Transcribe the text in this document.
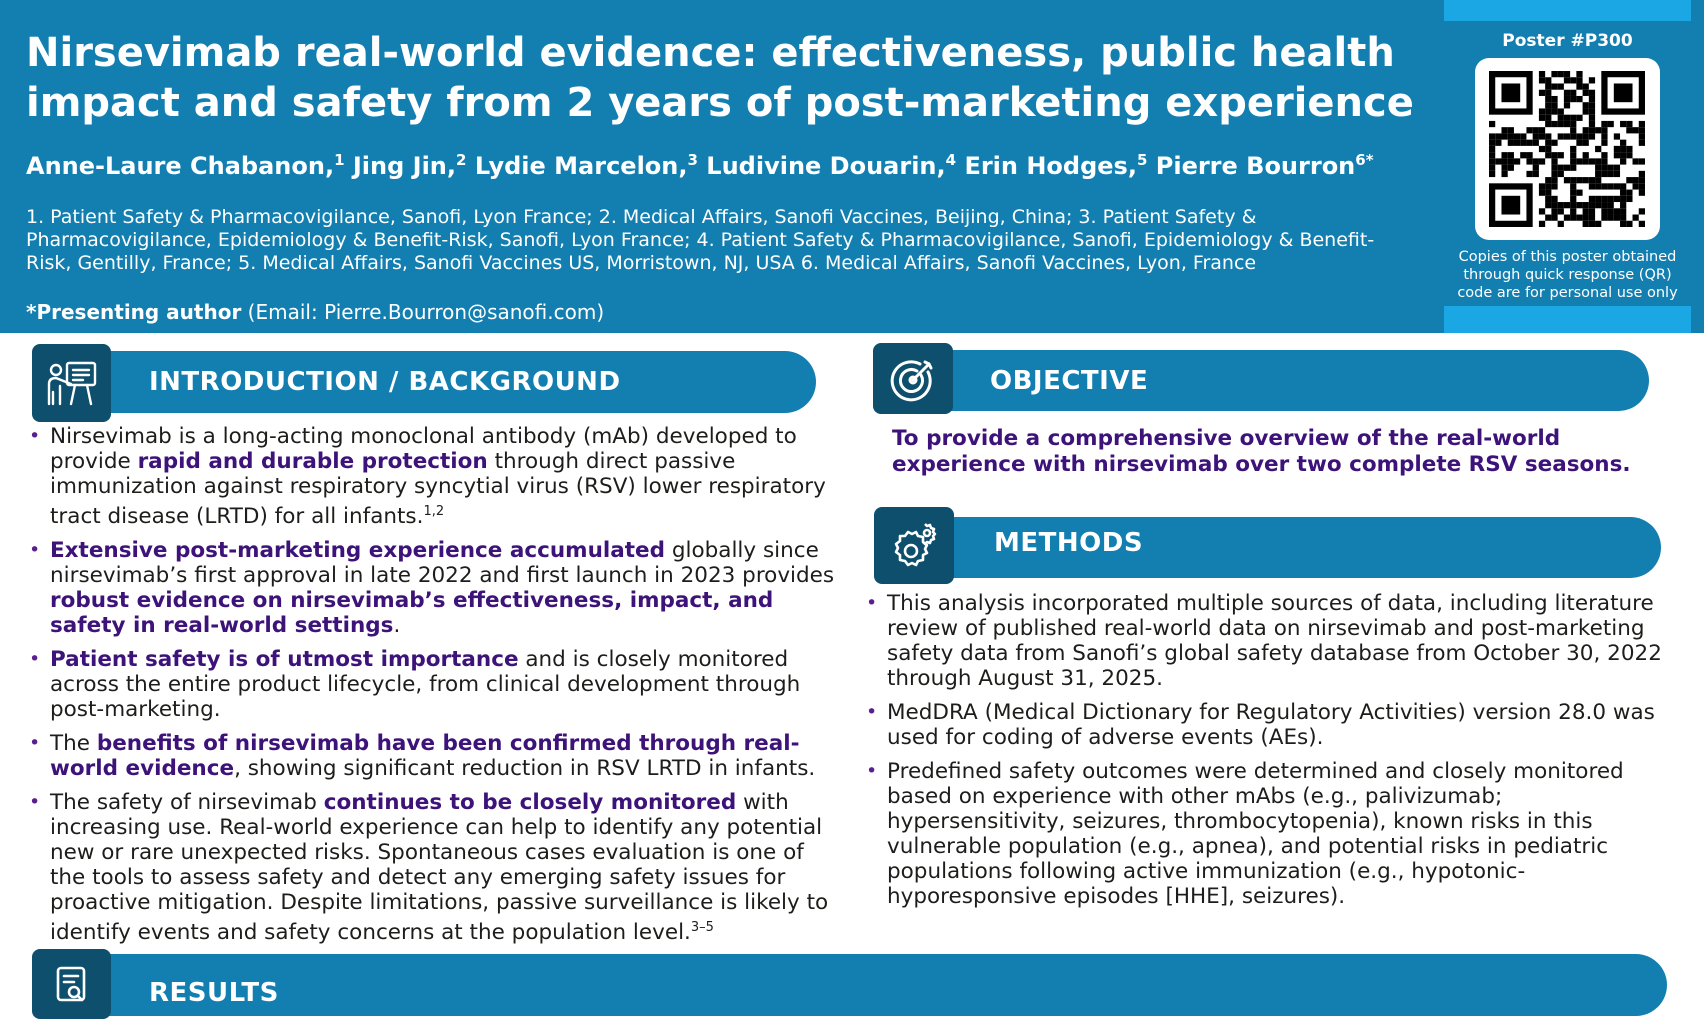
Nirsevimab real-world evidence: effectiveness, public health impact and safety from 2 years of post-marketing experience
Anne-Laure Chabanon,$^1$ Jing Jin,$^2$ Lydie Marcelon,$^3$ Ludivine Douarin,$^4$ Erin Hodges,$^5$ Pierre Bourron$^{6*}$
1. Patient Safety & Pharmacovigilance, Sanofi, Lyon France; 2. Medical Affairs, Sanofi Vaccines, Beijing, China; 3. Patient Safety & Pharmacovigilance, Epidemiology & Benefit-Risk, Sanofi, Lyon France; 4. Patient Safety & Pharmacovigilance, Sanofi, Epidemiology & Benefit-Risk, Gentilly, France; 5. Medical Affairs, Sanofi Vaccines US, Morristown, NJ, USA 6. Medical Affairs, Sanofi Vaccines, Lyon, France
*Presenting author (Email: Pierre.Bourron@sanofi.com)
Poster #P300
Copies of this poster obtained through quick response (QR) code are for personal use only
INTRODUCTION / BACKGROUND
• Nirsevimab is a long-acting monoclonal antibody (mAb) developed to provide rapid and durable protection through direct passive immunization against respiratory syncytial virus (RSV) lower respiratory tract disease (LRTD) for all infants.$^{1,2}$
• Extensive post-marketing experience accumulated globally since nirsevimab’s first approval in late 2022 and first launch in 2023 provides robust evidence on nirsevimab’s effectiveness, impact, and safety in real-world settings.
• Patient safety is of utmost importance and is closely monitored across the entire product lifecycle, from clinical development through post-marketing.
• The benefits of nirsevimab have been confirmed through real-world evidence, showing significant reduction in RSV LRTD in infants.
• The safety of nirsevimab continues to be closely monitored with increasing use. Real-world experience can help to identify any potential new or rare unexpected risks. Spontaneous cases evaluation is one of the tools to assess safety and detect any emerging safety issues for proactive mitigation. Despite limitations, passive surveillance is likely to identify events and safety concerns at the population level.$^{3-5}$
OBJECTIVE

To provide a comprehensive overview of the real-world experience with nirsevimab over two complete RSV seasons.

METHODS
• This analysis incorporated multiple sources of data, including literature review of published real-world data on nirsevimab and post-marketing safety data from Sanofi’s global safety database from October 30, 2022 through August 31, 2025.
• MedDRA (Medical Dictionary for Regulatory Activities) version 28.0 was used for coding of adverse events (AEs).
• Predefined safety outcomes were determined and closely monitored based on experience with other mAbs (e.g., palivizumab; hypersensitivity, seizures, thrombocytopenia), known risks in this vulnerable population (e.g., apnea), and potential risks in pediatric populations following active immunization (e.g., hypotonic-hyporesponsive episodes [HHE], seizures).
RESULTS
